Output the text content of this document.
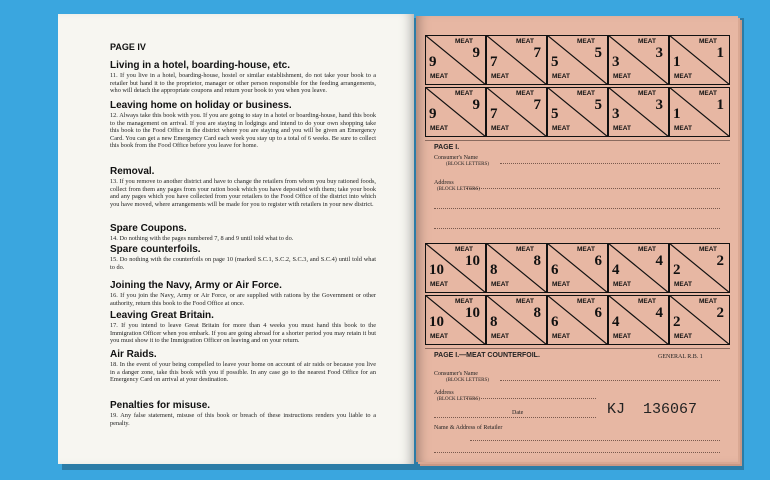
PAGE IV
Living in a hotel, boarding-house, etc.
11. If you live in a hotel, boarding-house, hostel or similar establishment, do not take your book to a retailer but hand it to the proprietor, manager or other person responsible for the feeding arrangements, who will detach the appropriate coupons and return your book to you when you leave.
Leaving home on holiday or business.
12. Always take this book with you. If you are going to stay in a hotel or boarding-house, hand this book to the management on arrival. If you are staying in lodgings and intend to do your own shopping take this book to the Food Office in the district where you are staying and you will be given an Emergency Card. You can get a new Emergency Card each week you stay up to a total of 6 weeks. Be sure to collect this book from the Food Office before you leave for home.
Removal.
13. If you remove to another district and have to change the retailers from whom you buy rationed foods, collect from them any pages from your ration book which you have deposited with them; take your book and any pages which you have collected from your retailers to the Food Office of the district into which you have moved, where arrangements will be made for you to register with retailers in your new district.
Spare Coupons.
14. Do nothing with the pages numbered 7, 8 and 9 until told what to do.
Spare counterfoils.
15. Do nothing with the counterfoils on page 10 (marked S.C.1, S.C.2, S.C.3, and S.C.4) until told what to do.
Joining the Navy, Army or Air Force.
16. If you join the Navy, Army or Air Force, or are supplied with rations by the Government or other authority, return this book to the Food Office at once.
Leaving Great Britain.
17. If you intend to leave Great Britain for more than 4 weeks you must hand this book to the Immigration Officer when you embark. If you are going abroad for a shorter period you may retain it but you must show it to the Immigration Officer on leaving and on your return.
Air Raids.
18. In the event of your being compelled to leave your home on account of air raids or because you live in a danger zone, take this book with you if possible. In any case go to the nearest Food Office for an Emergency Card on arrival at your destination.
Penalties for misuse.
19. Any false statement, misuse of this book or breach of these instructions renders you liable to a penalty.
MEAT
9
9
MEAT
MEAT
7
7
MEAT
MEAT
5
5
MEAT
MEAT
3
3
MEAT
MEAT
1
1
MEAT
MEAT
9
9
MEAT
MEAT
7
7
MEAT
MEAT
5
5
MEAT
MEAT
3
3
MEAT
MEAT
1
1
MEAT
PAGE I.
Consumer's Name
(BLOCK LETTERS)
Address
(BLOCK LETTERS)
MEAT
10
10
MEAT
MEAT
8
8
MEAT
MEAT
6
6
MEAT
MEAT
4
4
MEAT
MEAT
2
2
MEAT
MEAT
10
10
MEAT
MEAT
8
8
MEAT
MEAT
6
6
MEAT
MEAT
4
4
MEAT
MEAT
2
2
MEAT
PAGE I.—MEAT COUNTERFOIL.	GENERAL R.B. 1
Consumer's Name
(BLOCK LETTERS)
Address
(BLOCK LETTERS)
Date	KJ 136067
Name & Address of Retailer
